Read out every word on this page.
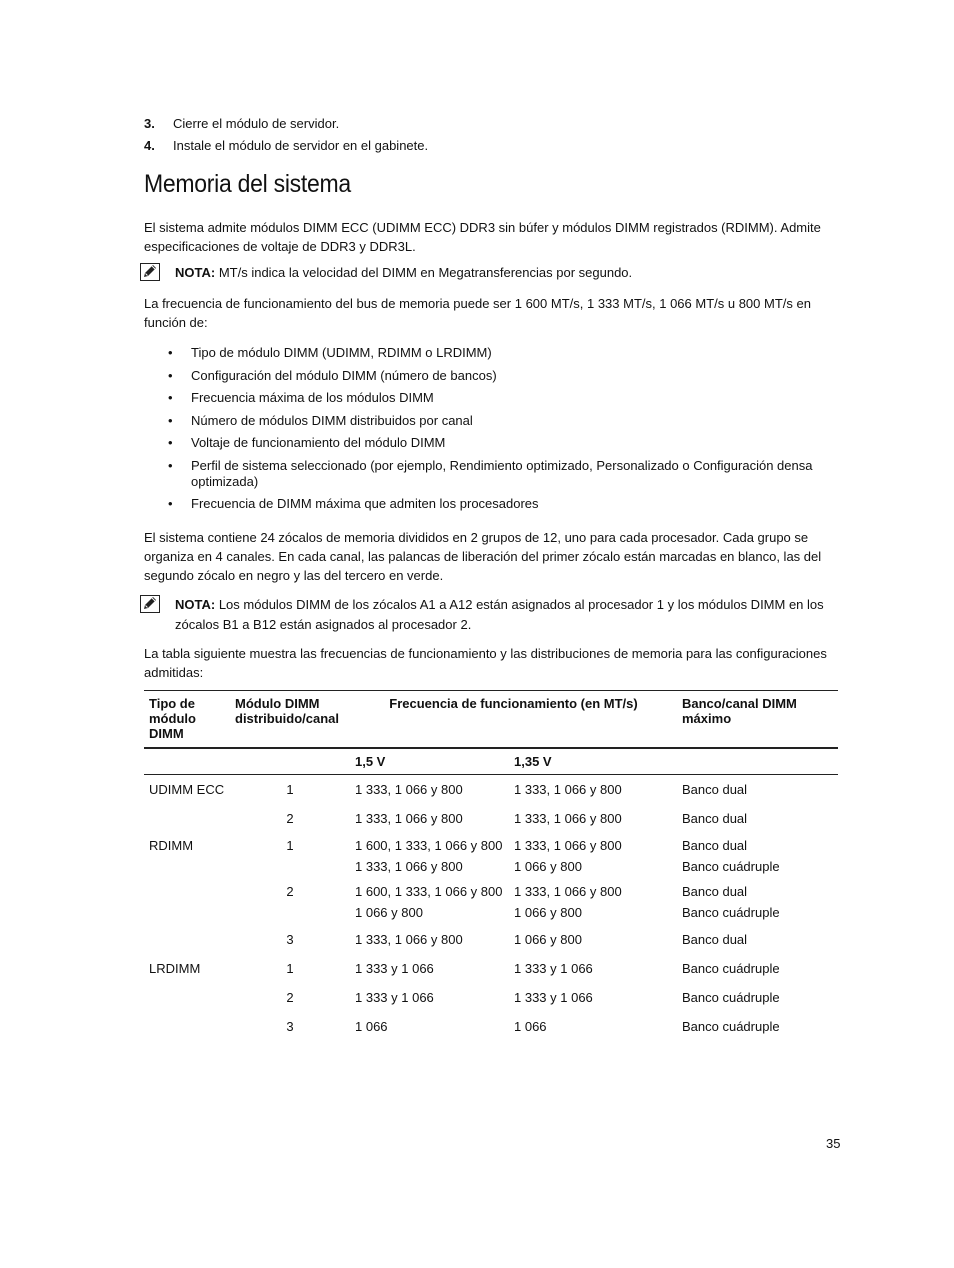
3. Cierre el módulo de servidor.
4. Instale el módulo de servidor en el gabinete.
Memoria del sistema

El sistema admite módulos DIMM ECC (UDIMM ECC) DDR3 sin búfer y módulos DIMM registrados (RDIMM). Admite especificaciones de voltaje de DDR3 y DDR3L.

NOTA: MT/s indica la velocidad del DIMM en Megatransferencias por segundo.

La frecuencia de funcionamiento del bus de memoria puede ser 1 600 MT/s, 1 333 MT/s, 1 066 MT/s u 800 MT/s en función de:

• Tipo de módulo DIMM (UDIMM, RDIMM o LRDIMM)
• Configuración del módulo DIMM (número de bancos)
• Frecuencia máxima de los módulos DIMM
• Número de módulos DIMM distribuidos por canal
• Voltaje de funcionamiento del módulo DIMM
• Perfil de sistema seleccionado (por ejemplo, Rendimiento optimizado, Personalizado o Configuración densa optimizada)
• Frecuencia de DIMM máxima que admiten los procesadores

El sistema contiene 24 zócalos de memoria divididos en 2 grupos de 12, uno para cada procesador. Cada grupo se organiza en 4 canales. En cada canal, las palancas de liberación del primer zócalo están marcadas en blanco, las del segundo zócalo en negro y las del tercero en verde.

NOTA: Los módulos DIMM de los zócalos A1 a A12 están asignados al procesador 1 y los módulos DIMM en los zócalos B1 a B12 están asignados al procesador 2.

La tabla siguiente muestra las frecuencias de funcionamiento y las distribuciones de memoria para las configuraciones admitidas:

Tipo de módulo DIMM	Módulo DIMM distribuido/canal	Frecuencia de funcionamiento (en MT/s)		Banco/canal DIMM máximo
		1,5 V	1,35 V	
UDIMM ECC	1	1 333, 1 066 y 800	1 333, 1 066 y 800	Banco dual
	2	1 333, 1 066 y 800	1 333, 1 066 y 800	Banco dual
RDIMM	1	1 600, 1 333, 1 066 y 800	1 333, 1 066 y 800	Banco dual
		1 333, 1 066 y 800	1 066 y 800	Banco cuádruple
	2	1 600, 1 333, 1 066 y 800	1 333, 1 066 y 800	Banco dual
		1 066 y 800	1 066 y 800	Banco cuádruple
	3	1 333, 1 066 y 800	1 066 y 800	Banco dual
LRDIMM	1	1 333 y 1 066	1 333 y 1 066	Banco cuádruple
	2	1 333 y 1 066	1 333 y 1 066	Banco cuádruple
	3	1 066	1 066	Banco cuádruple
35
